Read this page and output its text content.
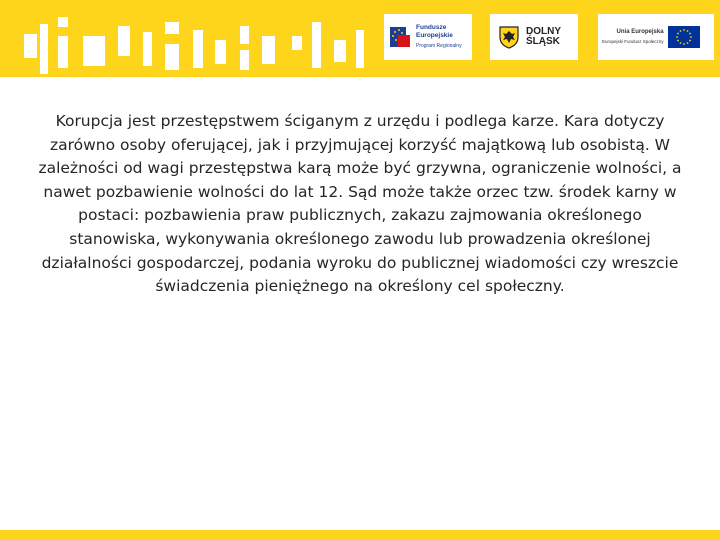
Fundusze
Europejskie
Program Regionalny
DOLNY
ŚLĄSK
Unia Europejska
Europejski Fundusz Społeczny
Korupcja jest przestępstwem ściganym z urzędu i podlega karze. Kara dotyczy zarówno osoby oferującej, jak i przyjmującej korzyść majątkową lub osobistą. W zależności od wagi przestępstwa karą może być grzywna, ograniczenie wolności, a nawet pozbawienie wolności do lat 12. Sąd może także orzec tzw. środek karny w postaci: pozbawienia praw publicznych, zakazu zajmowania określonego stanowiska, wykonywania określonego zawodu lub prowadzenia określonej działalności gospodarczej, podania wyroku do publicznej wiadomości czy wreszcie świadczenia pieniężnego na określony cel społeczny.
